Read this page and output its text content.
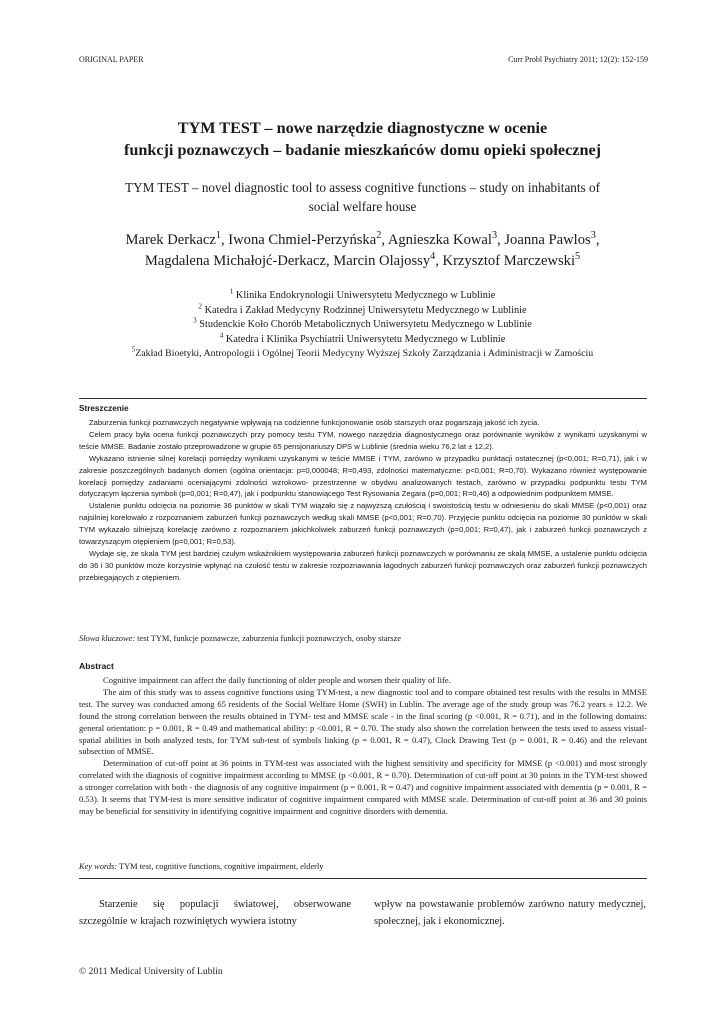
ORIGINAL PAPER	Curr Probl Psychiatry 2011; 12(2): 152-159
TYM TEST – nowe narzędzie diagnostyczne w ocenie
funkcji poznawczych – badanie mieszkańców domu opieki społecznej
TYM TEST – novel diagnostic tool to assess cognitive functions – study on inhabitants of
social welfare house
Marek Derkacz$^1$, Iwona Chmiel-Perzyńska$^2$, Agnieszka Kowal$^3$, Joanna Pawlos$^3$,
Magdalena Michałojć-Derkacz, Marcin Olajossy$^4$, Krzysztof Marczewski$^5$
$^1$ Klinika Endokrynologii Uniwersytetu Medycznego w Lublinie
$^2$ Katedra i Zakład Medycyny Rodzinnej Uniwersytetu Medycznego w Lublinie
$^3$ Studenckie Koło Chorób Metabolicznych Uniwersytetu Medycznego w Lublinie
$^4$ Katedra i Klinika Psychiatrii Uniwersytetu Medycznego w Lublinie
$^5$Zakład Bioetyki, Antropologii i Ogólnej Teorii Medycyny Wyższej Szkoły Zarządzania i Administracji w Zamościu
Streszczenie

Zaburzenia funkcji poznawczych negatywnie wpływają na codzienne funkcjonowanie osób starszych oraz pogarszają jakość ich życia.

Celem pracy była ocena funkcji poznawczych przy pomocy testu TYM, nowego narzędzia diagnostycznego oraz porównanie wyników z wynikami uzyskanymi w teście MMSE. Badanie zostało przeprowadzone w grupie 65 pensjonariuszy DPS w Lublinie (średnia wieku 76,2 lat ± 12,2).

Wykazano istnienie silnej korelacji pomiędzy wynikami uzyskanymi w teście MMSE i TYM, zarówno w przypadku punktacji ostatecznej (p<0,001; R=0,71), jak i w zakresie poszczególnych badanych domen (ogólna orientacja: p=0,000048; R=0,493, zdolności matematyczne: p<0,001; R=0,70). Wykazano również występowanie korelacji pomiędzy zadaniami oceniającymi zdolności wzrokowo- przestrzenne w obydwu analizowanych testach, zarówno w przypadku podpunktu testu TYM dotyczącym łączenia symboli (p=0,001; R=0,47), jak i podpunktu stanowiącego Test Rysowania Zegara (p=0,001; R=0,46) a odpowiednim podpunktem MMSE.

Ustalenie punktu odcięcia na poziomie 36 punktów w skali TYM wiązało się z najwyższą czułością i swoistością testu w odniesieniu do skali MMSE (p<0,001) oraz najsilniej korelowało z rozpoznaniem zaburzeń funkcji poznawczych według skali MMSE (p<0,001; R=0,70). Przyjęcie punktu odcięcia na poziomie 30 punktów w skali TYM wykazało silniejszą korelację zarówno z rozpoznaniem jakichkolwiek zaburzeń funkcji poznawczych (p=0,001; R=0,47), jak i zaburzeń funkcji poznawczych z towarzyszącym otępieniem (p=0,001; R=0,53).

Wydaje się, że skala TYM jest bardziej czułym wskaźnikiem występowania zaburzeń funkcji poznawczych w porównaniu ze skalą MMSE, a ustalenie punktu odcięcia do 36 i 30 punktów może korzystnie wpłynąć na czułość testu w zakresie rozpoznawania łagodnych zaburzeń funkcji poznawczych oraz zaburzeń funkcji poznawczych przebiegających z otępieniem.

Słowa kluczowe: test TYM, funkcje poznawcze, zaburzenia funkcji poznawczych, osoby starsze
Abstract

Cognitive impairment can affect the daily functioning of older people and worsen their quality of life.

The aim of this study was to assess cognitive functions using TYM-test, a new diagnostic tool and to compare obtained test results with the results in MMSE test. The survey was conducted among 65 residents of the Social Welfare Home (SWH) in Lublin. The average age of the study group was 76.2 years ± 12.2. We found the strong correlation between the results obtained in TYM- test and MMSE scale - in the final scoring (p <0.001, R = 0.71), and in the following domains: general orientation: p = 0.001, R = 0.49 and mathematical ability: p <0.001, R = 0.70. The study also shown the correlation between the tests used to assess visual-spatial abilities in both analyzed tests, for TYM sub-test of symbols linking (p = 0.001, R = 0.47), Clock Drawing Test (p = 0.001, R = 0.46) and the relevant subsection of MMSE.

Determination of cut-off point at 36 points in TYM-test was associated with the highest sensitivity and specificity for MMSE (p <0.001) and most strongly correlated with the diagnosis of cognitive impairment according to MMSE (p <0.001, R = 0.70). Determination of cut-off point at 30 points in the TYM-test showed a stronger correlation with both - the diagnosis of any cognitive impairment (p = 0.001, R = 0.47) and cognitive impairment associated with dementia (p = 0.001, R = 0.53). It seems that TYM-test is more sensitive indicator of cognitive impairment compared with MMSE scale. Determination of cut-off point at 36 and 30 points may be beneficial for sensitivity in identifying cognitive impairment and cognitive disorders with dementia.

Key words: TYM test, cognitive functions, cognitive impairment, elderly

Starzenie się populacji światowej, obserwowane szczególnie w krajach rozwiniętych wywiera istotny

wpływ na powstawanie problemów zarówno natury medycznej, społecznej, jak i ekonomicznej.

© 2011 Medical University of Lublin
